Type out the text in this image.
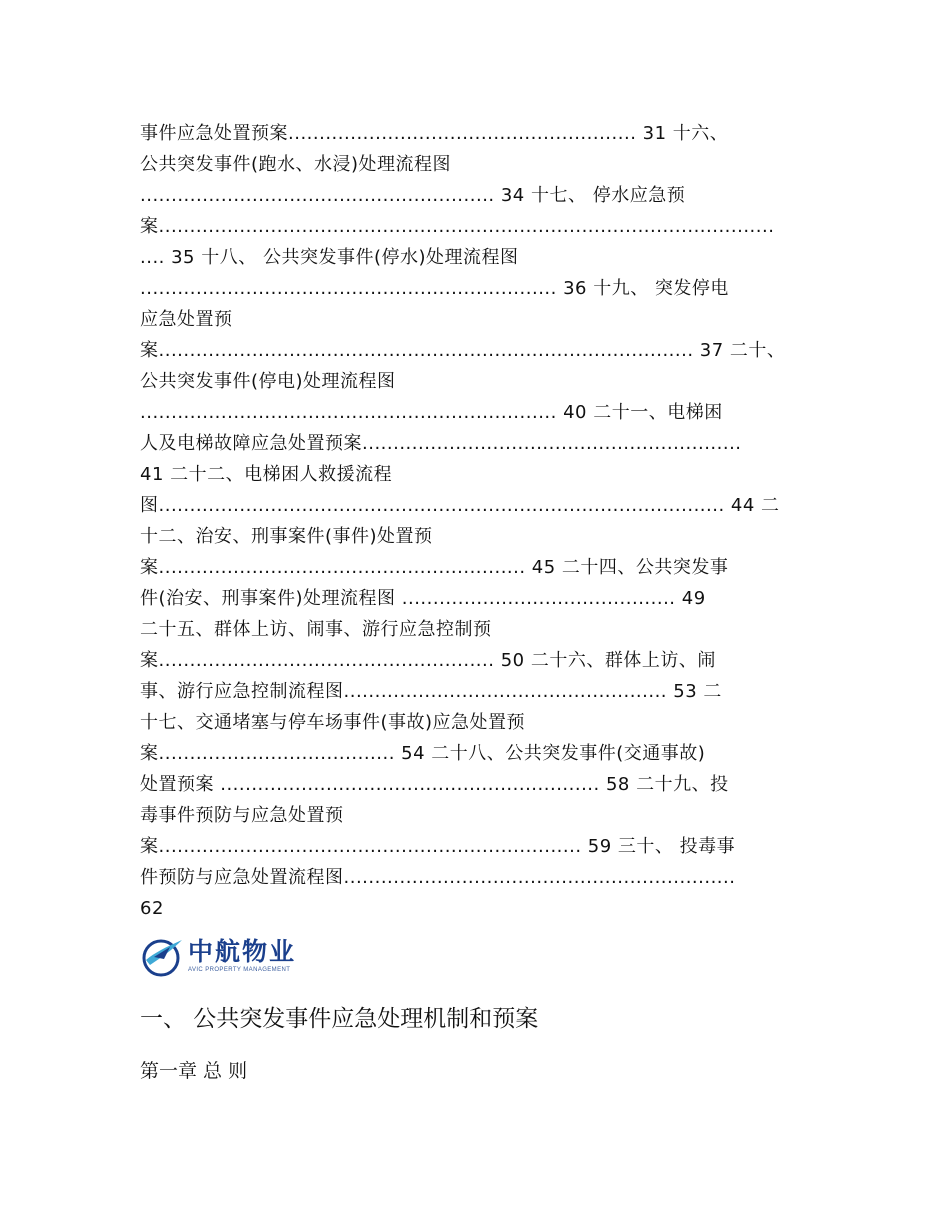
事件应急处置预案........................................................ 31 十六、
公共突发事件(跑水、水浸)处理流程图
......................................................... 34 十七、 停水应急预
案...................................................................................................
.... 35 十八、 公共突发事件(停水)处理流程图
................................................................... 36 十九、 突发停电
应急处置预
案...................................................................................... 37 二十、
公共突发事件(停电)处理流程图
................................................................... 40 二十一、电梯困
人及电梯故障应急处置预案.............................................................
41 二十二、电梯困人救援流程
图........................................................................................... 44 二
十二、治安、刑事案件(事件)处置预
案........................................................... 45 二十四、公共突发事
件(治安、刑事案件)处理流程图 ............................................ 49
二十五、群体上访、闹事、游行应急控制预
案...................................................... 50 二十六、群体上访、闹
事、游行应急控制流程图.................................................... 53 二
十七、交通堵塞与停车场事件(事故)应急处置预
案...................................... 54 二十八、公共突发事件(交通事故)
处置预案 ............................................................. 58 二十九、投
毒事件预防与应急处置预
案.................................................................... 59 三十、 投毒事
件预防与应急处置流程图...............................................................
62
中航物业
AVIC PROPERTY MANAGEMENT
一、 公共突发事件应急处理机制和预案
第一章 总 则
